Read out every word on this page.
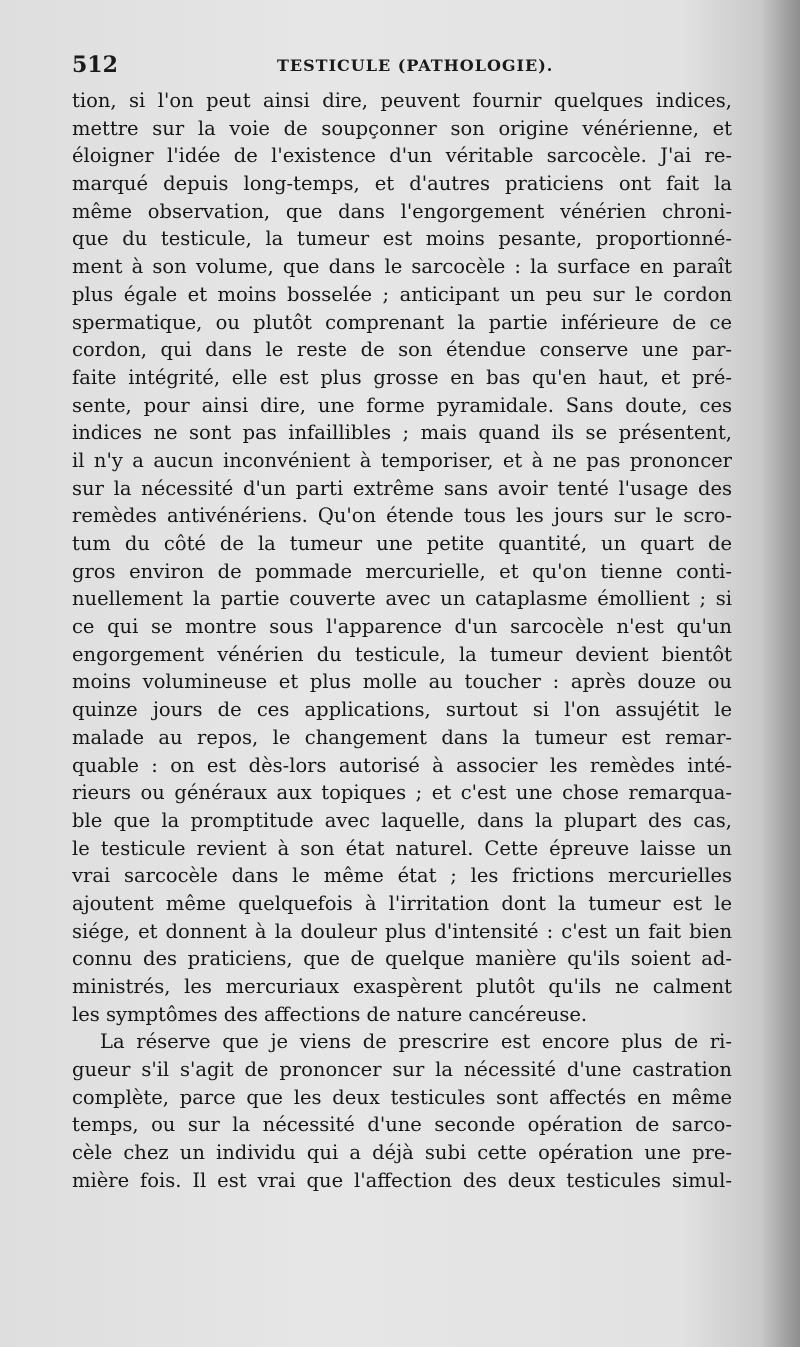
512	TESTICULE (PATHOLOGIE).
tion, si l'on peut ainsi dire, peuvent fournir quelques indices,
mettre sur la voie de soupçonner son origine vénérienne, et
éloigner l'idée de l'existence d'un véritable sarcocèle. J'ai re-
marqué depuis long-temps, et d'autres praticiens ont fait la
même observation, que dans l'engorgement vénérien chroni-
que du testicule, la tumeur est moins pesante, proportionné-
ment à son volume, que dans le sarcocèle : la surface en paraît
plus égale et moins bosselée ; anticipant un peu sur le cordon
spermatique, ou plutôt comprenant la partie inférieure de ce
cordon, qui dans le reste de son étendue conserve une par-
faite intégrité, elle est plus grosse en bas qu'en haut, et pré-
sente, pour ainsi dire, une forme pyramidale. Sans doute, ces
indices ne sont pas infaillibles ; mais quand ils se présentent,
il n'y a aucun inconvénient à temporiser, et à ne pas prononcer
sur la nécessité d'un parti extrême sans avoir tenté l'usage des
remèdes antivénériens. Qu'on étende tous les jours sur le scro-
tum du côté de la tumeur une petite quantité, un quart de
gros environ de pommade mercurielle, et qu'on tienne conti-
nuellement la partie couverte avec un cataplasme émollient ; si
ce qui se montre sous l'apparence d'un sarcocèle n'est qu'un
engorgement vénérien du testicule, la tumeur devient bientôt
moins volumineuse et plus molle au toucher : après douze ou
quinze jours de ces applications, surtout si l'on assujétit le
malade au repos, le changement dans la tumeur est remar-
quable : on est dès-lors autorisé à associer les remèdes inté-
rieurs ou généraux aux topiques ; et c'est une chose remarqua-
ble que la promptitude avec laquelle, dans la plupart des cas,
le testicule revient à son état naturel. Cette épreuve laisse un
vrai sarcocèle dans le même état ; les frictions mercurielles
ajoutent même quelquefois à l'irritation dont la tumeur est le
siége, et donnent à la douleur plus d'intensité : c'est un fait bien
connu des praticiens, que de quelque manière qu'ils soient ad-
ministrés, les mercuriaux exaspèrent plutôt qu'ils ne calment
les symptômes des affections de nature cancéreuse.
La réserve que je viens de prescrire est encore plus de ri-
gueur s'il s'agit de prononcer sur la nécessité d'une castration
complète, parce que les deux testicules sont affectés en même
temps, ou sur la nécessité d'une seconde opération de sarco-
cèle chez un individu qui a déjà subi cette opération une pre-
mière fois. Il est vrai que l'affection des deux testicules simul-
